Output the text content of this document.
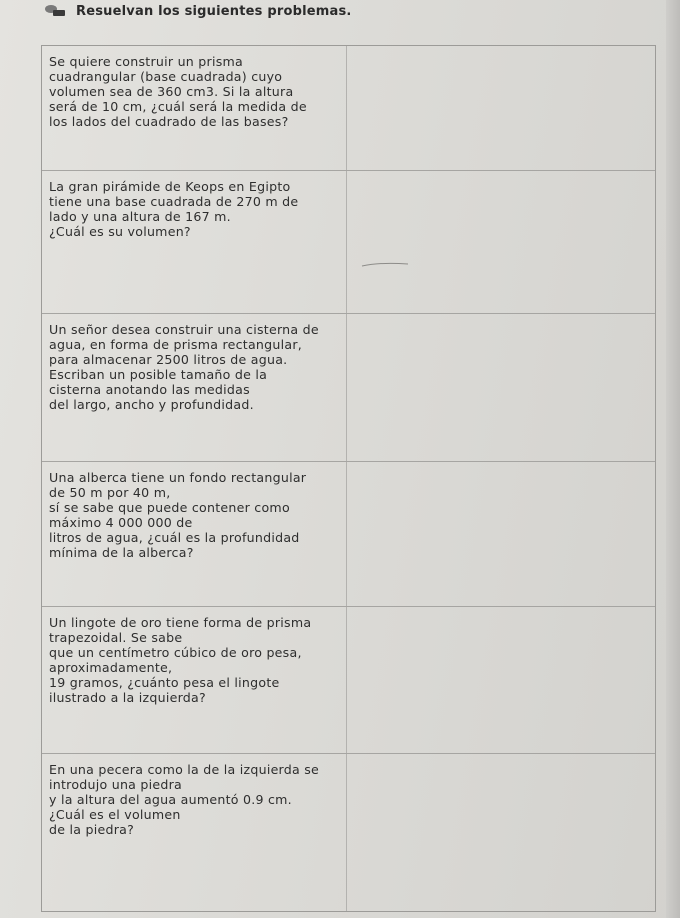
Resuelvan los siguientes problemas.
Se quiere construir un prisma
cuadrangular (base cuadrada) cuyo
volumen sea de 360 cm3. Si la altura
será de 10 cm, ¿cuál será la medida de
los lados del cuadrado de las bases?
La gran pirámide de Keops en Egipto
tiene una base cuadrada de 270 m de
lado y una altura de 167 m.
¿Cuál es su volumen?
Un señor desea construir una cisterna de
agua, en forma de prisma rectangular,
para almacenar 2500 litros de agua.
Escriban un posible tamaño de la
cisterna anotando las medidas
del largo, ancho y profundidad.
Una alberca tiene un fondo rectangular
de 50 m por 40 m,
sí se sabe que puede contener como
máximo 4 000 000 de
litros de agua, ¿cuál es la profundidad
mínima de la alberca?
Un lingote de oro tiene forma de prisma
trapezoidal. Se sabe
que un centímetro cúbico de oro pesa,
aproximadamente,
19 gramos, ¿cuánto pesa el lingote
ilustrado a la izquierda?
En una pecera como la de la izquierda se
introdujo una piedra
y la altura del agua aumentó 0.9 cm.
¿Cuál es el volumen
de la piedra?
